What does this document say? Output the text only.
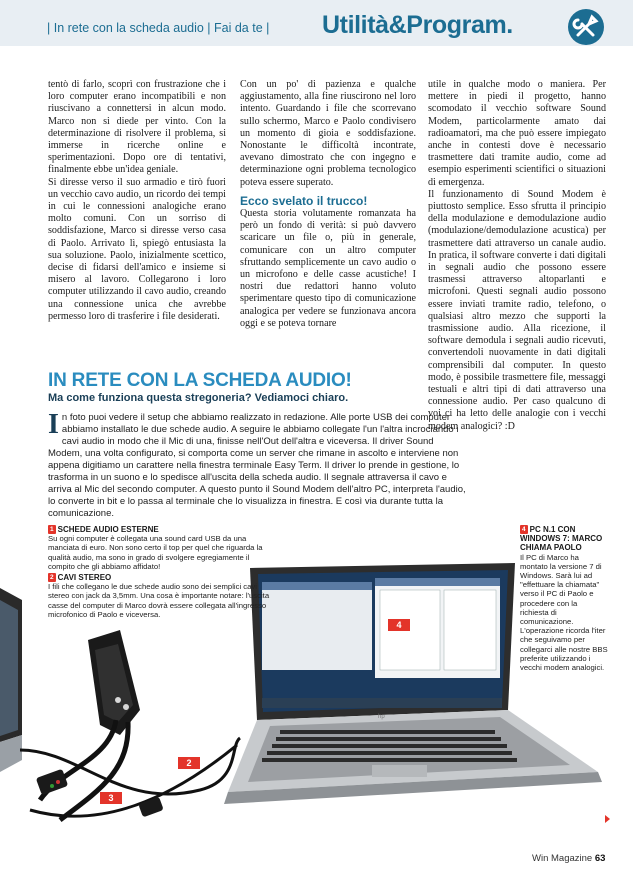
| In rete con la scheda audio | Fai da te | Utilità&Program.

tentò di farlo, scoprì con frustrazione che i loro computer erano incompatibili e non riuscivano a connettersi in alcun modo. Marco non si diede per vinto. Con la determinazione di risolvere il problema, si immerse in ricerche online e sperimentazioni. Dopo ore di tentativi, finalmente ebbe un'idea geniale.

Si diresse verso il suo armadio e tirò fuori un vecchio cavo audio, un ricordo dei tempi in cui le connessioni analogiche erano molto comuni. Con un sorriso di soddisfazione, Marco si diresse verso casa di Paolo. Arrivato lì, spiegò entusiasta la sua soluzione. Paolo, inizialmente scettico, decise di fidarsi dell'amico e insieme si misero al lavoro. Collegarono i loro computer utilizzando il cavo audio, creando una connessione unica che avrebbe permesso loro di trasferire i file desiderati.

Con un po' di pazienza e qualche aggiustamento, alla fine riuscirono nel loro intento. Guardando i file che scorrevano sullo schermo, Marco e Paolo condivisero un momento di gioia e soddisfazione. Nonostante le difficoltà incontrate, avevano dimostrato che con ingegno e determinazione ogni problema tecnologico poteva essere superato.

Ecco svelato il trucco!

Questa storia volutamente romanzata ha però un fondo di verità: si può davvero scaricare un file o, più in generale, comunicare con un altro computer sfruttando semplicemente un cavo audio o un microfono e delle casse acustiche! I nostri due redattori hanno voluto sperimentare questo tipo di comunicazione analogica per vedere se funzionava ancora oggi e se poteva tornare

utile in qualche modo o maniera. Per mettere in piedi il progetto, hanno scomodato il vecchio software Sound Modem, particolarmente amato dai radioamatori, ma che può essere impiegato anche in contesti dove è necessario trasmettere dati tramite audio, come ad esempio esperimenti scientifici o situazioni di emergenza.

Il funzionamento di Sound Modem è piuttosto semplice. Esso sfrutta il principio della modulazione e demodulazione audio (modulazione/demodulazione acustica) per trasmettere dati attraverso un canale audio. In pratica, il software converte i dati digitali in segnali audio che possono essere trasmessi attraverso altoparlanti e microfoni. Questi segnali audio possono essere inviati tramite radio, telefono, o qualsiasi altro mezzo che supporti la trasmissione audio. Alla ricezione, il software demodula i segnali audio ricevuti, convertendoli nuovamente in dati digitali comprensibili dal computer. In questo modo, è possibile trasmettere file, messaggi testuali e altri tipi di dati attraverso una connessione audio. Per caso qualcuno di voi ci ha letto delle analogie con i vecchi modem analogici? :D

IN RETE CON LA SCHEDA AUDIO!
Ma come funziona questa stregoneria? Vediamoci chiaro.
In foto puoi vedere il setup che abbiamo realizzato in redazione. Alle porte USB dei computer abbiamo installato le due schede audio. A seguire le abbiamo collegate l'un l'altra incrociando i cavi audio in modo che il Mic di una, finisse nell'Out dell'altra e viceversa. Il driver Sound Modem, una volta configurato, si comporta come un server che rimane in ascolto e interviene non appena digitiamo un carattere nella finestra terminale Easy Term. Il driver lo prende in gestione, lo trasforma in un suono e lo spedisce all'uscita della scheda audio. Il segnale attraversa il cavo e arriva al Mic del secondo computer. A questo punto il Sound Modem dell'altro PC, interpreta l'audio, lo converte in bit e lo passa al terminale che lo visualizza in finestra. E così via durante tutta la comunicazione.
hp
4
2
3
1 SCHEDE AUDIO ESTERNE
Su ogni computer è collegata una sound card USB da una manciata di euro. Non sono certo il top per quel che riguarda la qualità audio, ma sono in grado di svolgere egregiamente il compito che gli abbiamo affidato!
2 CAVI STEREO
I fili che collegano le due schede audio sono dei semplici cavi stereo con jack da 3,5mm. Una cosa è importante notare: l'uscita casse del computer di Marco dovrà essere collegata all'ingresso microfonico di Paolo e viceversa.
4 PC N.1 CON WINDOWS 7: MARCO CHIAMA PAOLO
Il PC di Marco ha montato la versione 7 di Windows. Sarà lui ad "effettuare la chiamata" verso il PC di Paolo e procedere con la richiesta di comunicazione. L'operazione ricorda l'iter che seguivamo per collegarci alle nostre BBS preferite utilizzando i vecchi modem analogici.
Win Magazine 63
